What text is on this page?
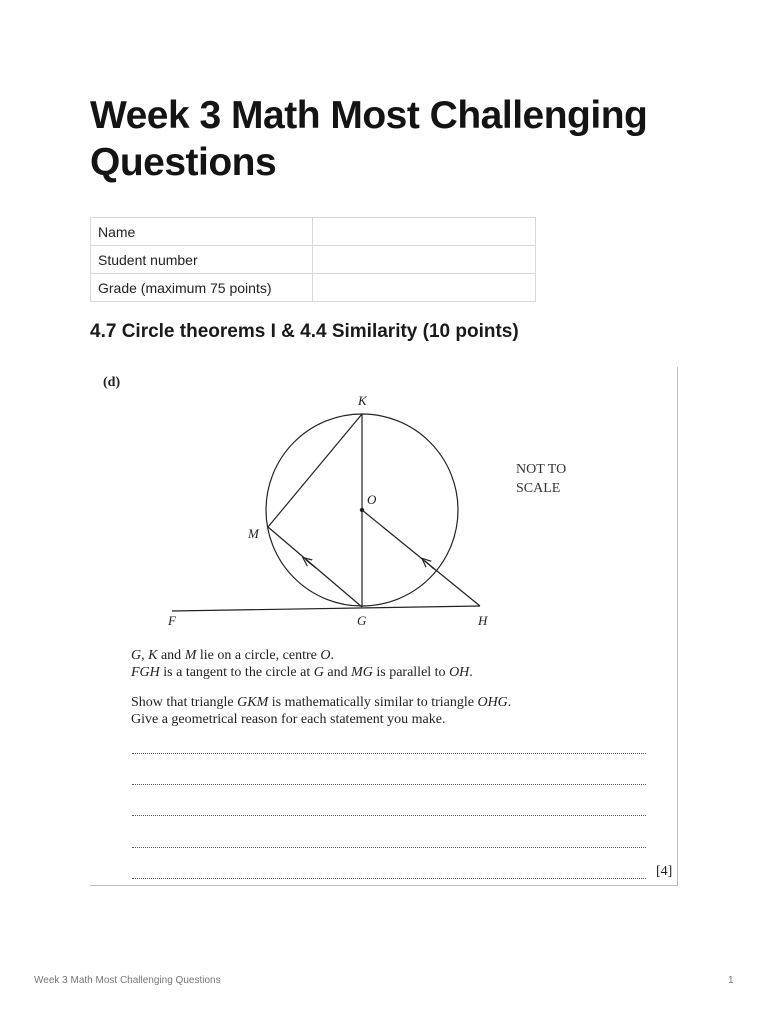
Week 3 Math Most Challenging Questions
Name	
Student number	
Grade (maximum 75 points)	
4.7 Circle theorems I & 4.4 Similarity (10 points)
(d)
K
O
M
F	G	H
NOT TO
SCALE
G, K and M lie on a circle, centre O.
FGH is a tangent to the circle at G and MG is parallel to OH.
Show that triangle GKM is mathematically similar to triangle OHG.
Give a geometrical reason for each statement you make.
[4]
Week 3 Math Most Challenging Questions	1
